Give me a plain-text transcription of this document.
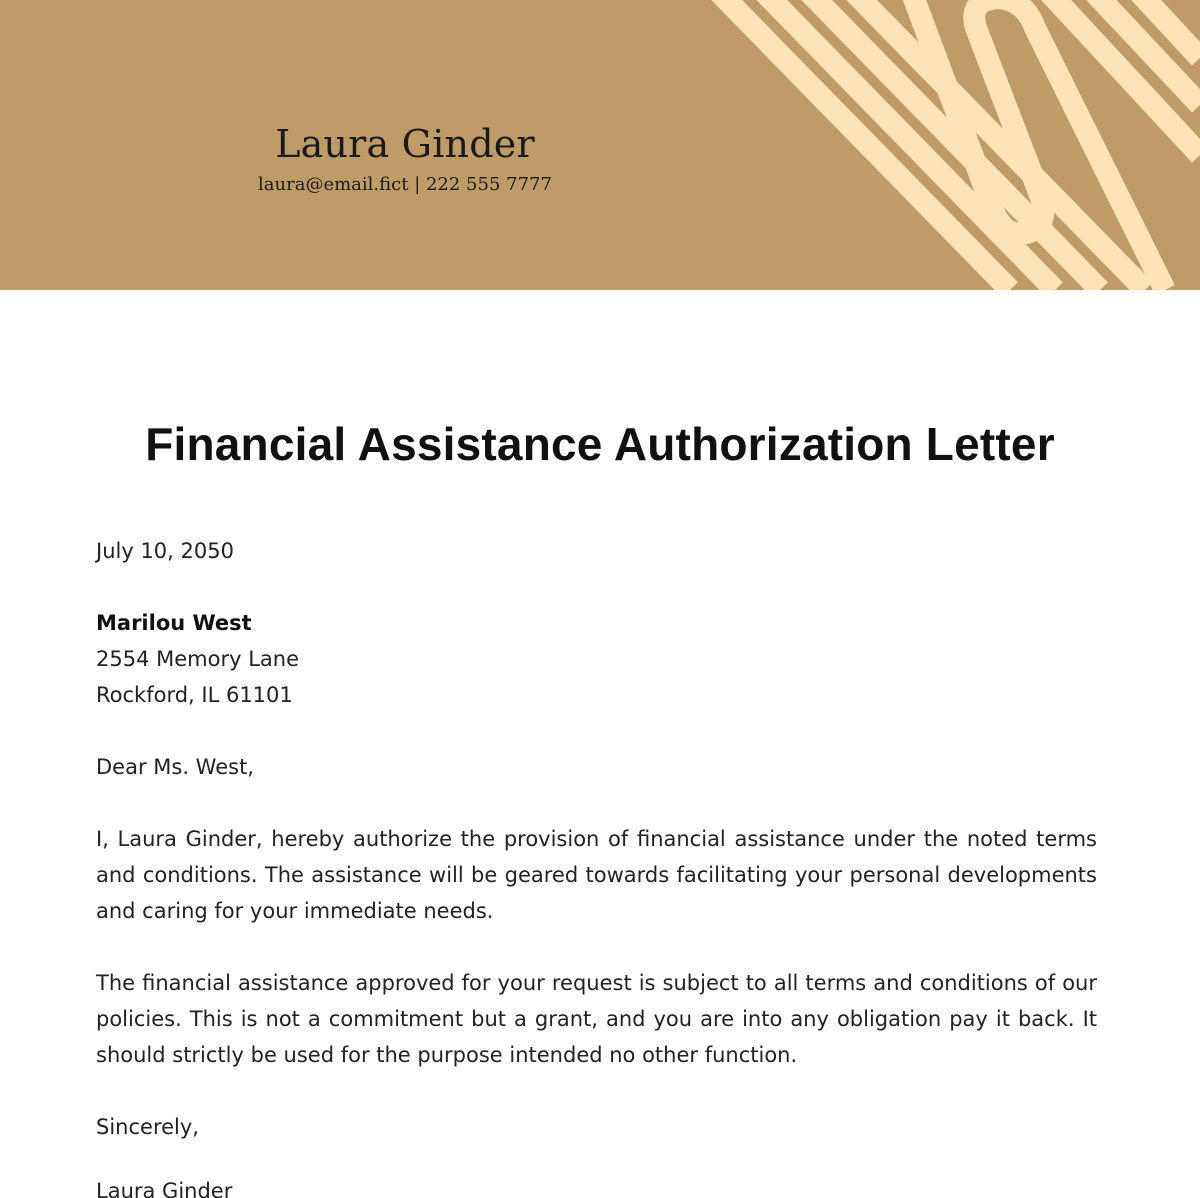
Laura Ginder
laura@email.fict | 222 555 7777
Financial Assistance Authorization Letter
July 10, 2050
Marilou West
2554 Memory Lane
Rockford, IL 61101
Dear Ms. West,
I, Laura Ginder, hereby authorize the provision of financial assistance under the noted terms and conditions. The assistance will be geared towards facilitating your personal developments and caring for your immediate needs.
The financial assistance approved for your request is subject to all terms and conditions of our policies. This is not a commitment but a grant, and you are into any obligation pay it back. It should strictly be used for the purpose intended no other function.
Sincerely,
Laura Ginder
